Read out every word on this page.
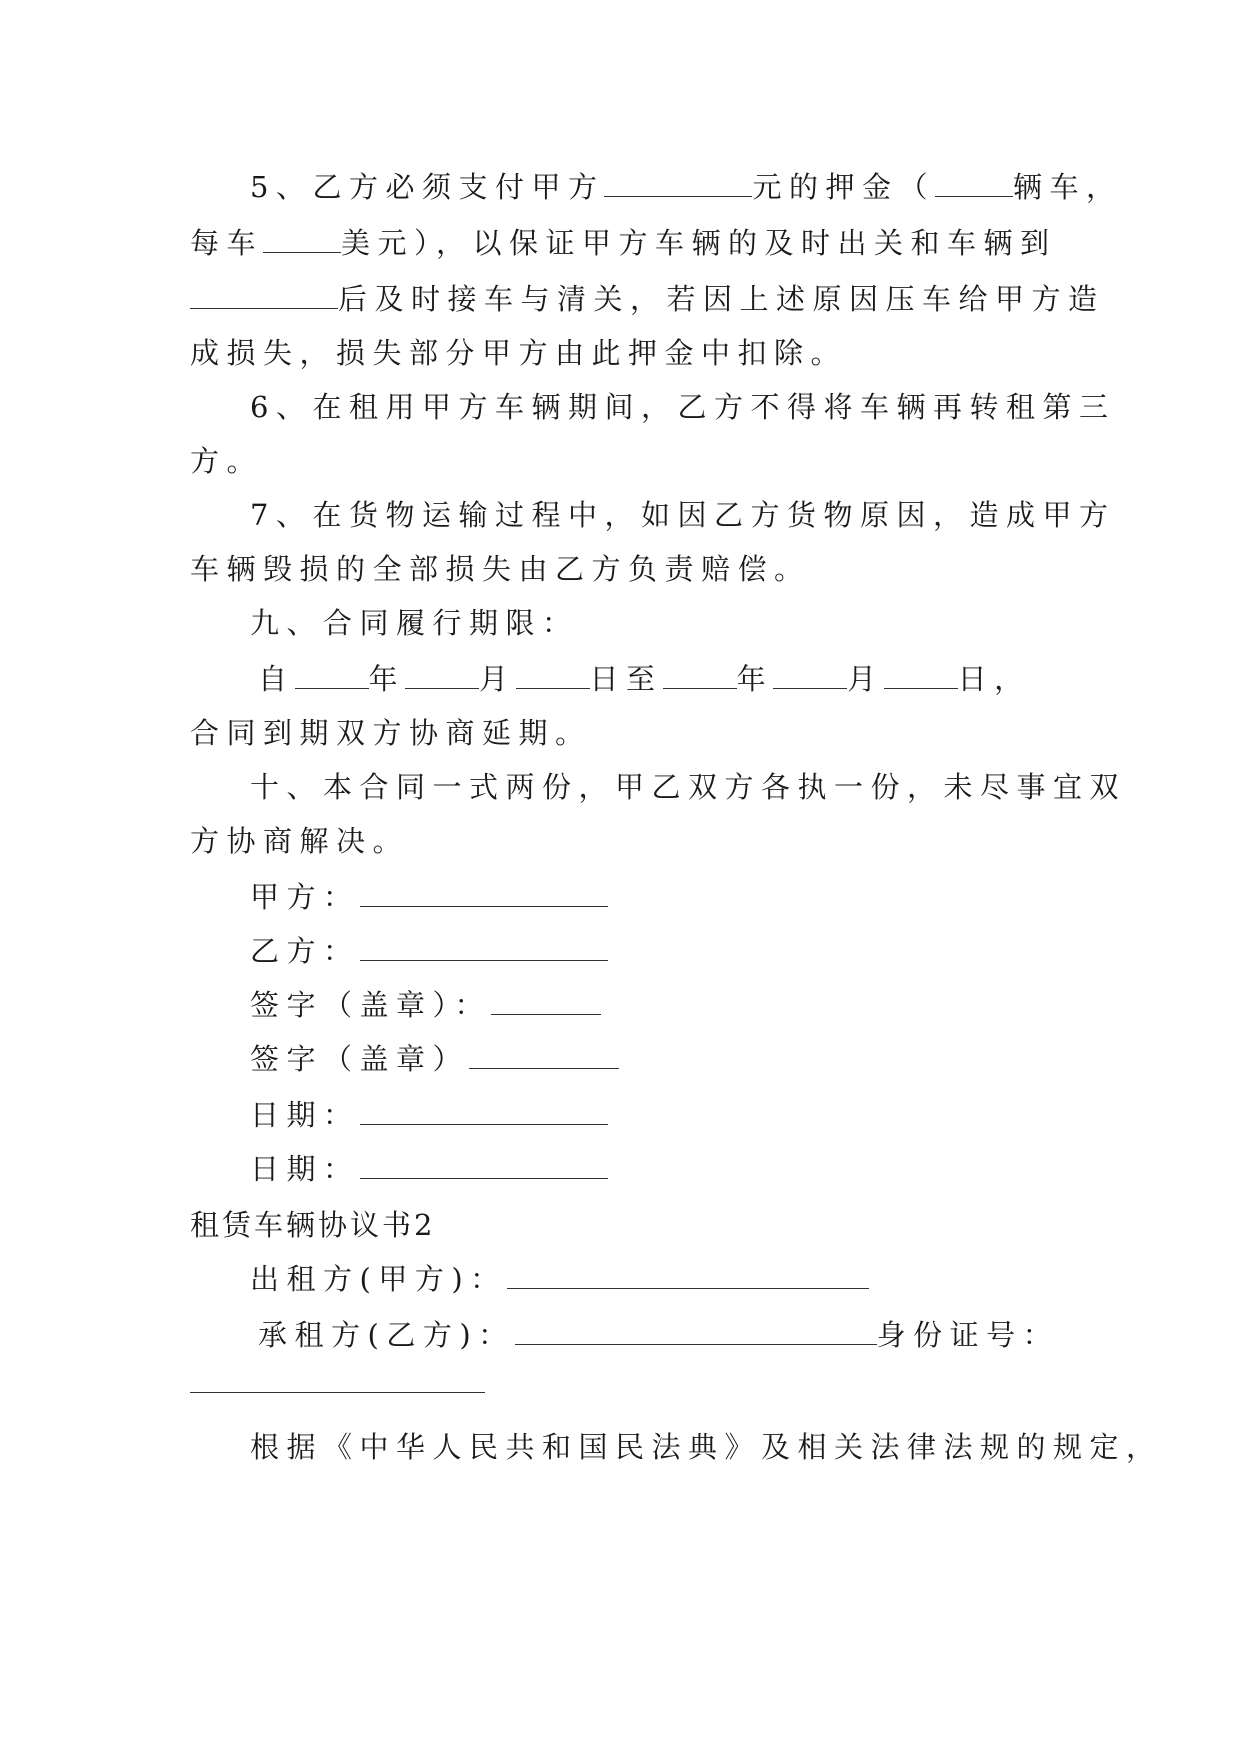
5、乙方必须支付甲方	元的押金（	辆车，
每车	美元），以保证甲方车辆的及时出关和车辆到
后及时接车与清关，若因上述原因压车给甲方造
成损失，损失部分甲方由此押金中扣除。
6、在租用甲方车辆期间，乙方不得将车辆再转租第三
方。
7、在货物运输过程中，如因乙方货物原因，造成甲方
车辆毁损的全部损失由乙方负责赔偿。
九、合同履行期限：
自	年	月	日至	年	月	日，
合同到期双方协商延期。
十、本合同一式两份，甲乙双方各执一份，未尽事宜双
方协商解决。
甲方：
乙方：
签字（盖章）：
签字（盖章）
日期：
日期：
租赁车辆协议书2
出租方(甲方)：
承租方(乙方)：	身份证号：
根据《中华人民共和国民法典》及相关法律法规的规定，
